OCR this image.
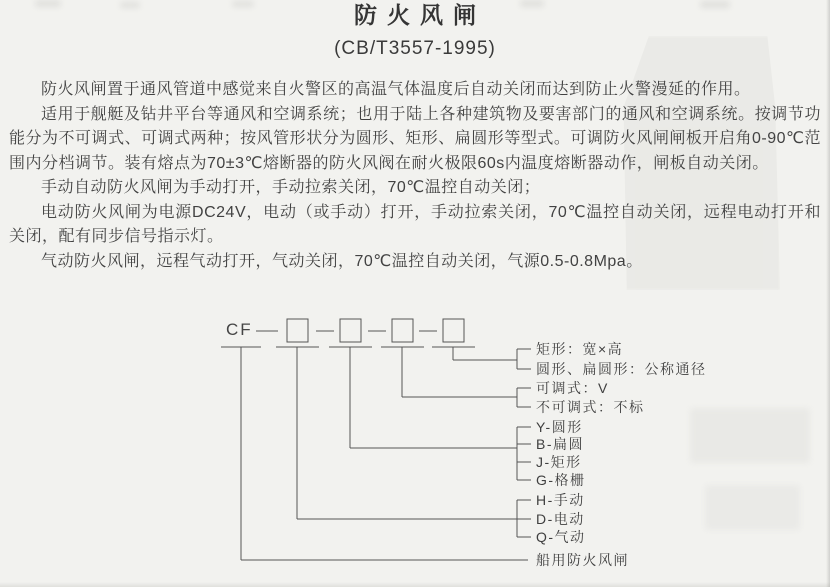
防火风闸
(CB/T3557-1995)

防火风闸置于通风管道中感觉来自火警区的高温气体温度后自动关闭而达到防止火警漫延的作用。

适用于舰艇及钻井平台等通风和空调系统；也用于陆上各种建筑物及要害部门的通风和空调系统。按调节功能分为不可调式、可调式两种；按风管形状分为圆形、矩形、扁圆形等型式。可调防火风闸闸板开启角0-90℃范围内分档调节。装有熔点为70±3℃熔断器的防火风阀在耐火极限60s内温度熔断器动作，闸板自动关闭。

手动自动防火风闸为手动打开，手动拉索关闭，70℃温控自动关闭；

电动防火风闸为电源DC24V，电动（或手动）打开，手动拉索关闭，70℃温控自动关闭，远程电动打开和关闭，配有同步信号指示灯。

气动防火风闸，远程气动打开，气动关闭，70℃温控自动关闭，气源0.5-0.8Mpa。

CF
矩形：宽×高
圆形、扁圆形：公称通径
可调式：V
不可调式：不标
Y-圆形
B-扁圆
J-矩形
G-格栅
H-手动
D-电动
Q-气动
船用防火风闸
